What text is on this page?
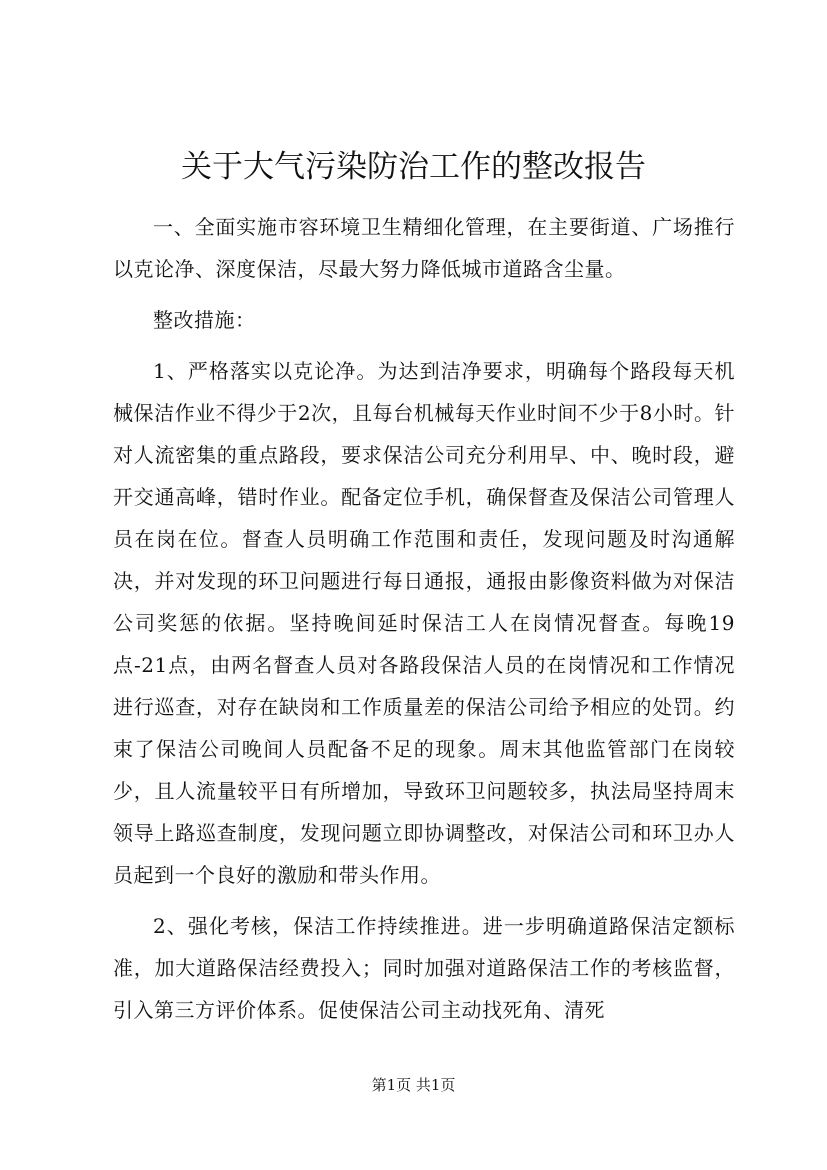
关于大气污染防治工作的整改报告

一、全面实施市容环境卫生精细化管理，在主要街道、广场推行以克论净、深度保洁，尽最大努力降低城市道路含尘量。

整改措施：

1、严格落实以克论净。为达到洁净要求，明确每个路段每天机械保洁作业不得少于2次，且每台机械每天作业时间不少于8小时。针对人流密集的重点路段，要求保洁公司充分利用早、中、晚时段，避开交通高峰，错时作业。配备定位手机，确保督查及保洁公司管理人员在岗在位。督查人员明确工作范围和责任，发现问题及时沟通解决，并对发现的环卫问题进行每日通报，通报由影像资料做为对保洁公司奖惩的依据。坚持晚间延时保洁工人在岗情况督查。每晚19点-21点，由两名督查人员对各路段保洁人员的在岗情况和工作情况进行巡查，对存在缺岗和工作质量差的保洁公司给予相应的处罚。约束了保洁公司晚间人员配备不足的现象。周末其他监管部门在岗较少，且人流量较平日有所增加，导致环卫问题较多，执法局坚持周末领导上路巡查制度，发现问题立即协调整改，对保洁公司和环卫办人员起到一个良好的激励和带头作用。

2、强化考核，保洁工作持续推进。进一步明确道路保洁定额标准，加大道路保洁经费投入；同时加强对道路保洁工作的考核监督，引入第三方评价体系。促使保洁公司主动找死角、清死

第1页 共1页
